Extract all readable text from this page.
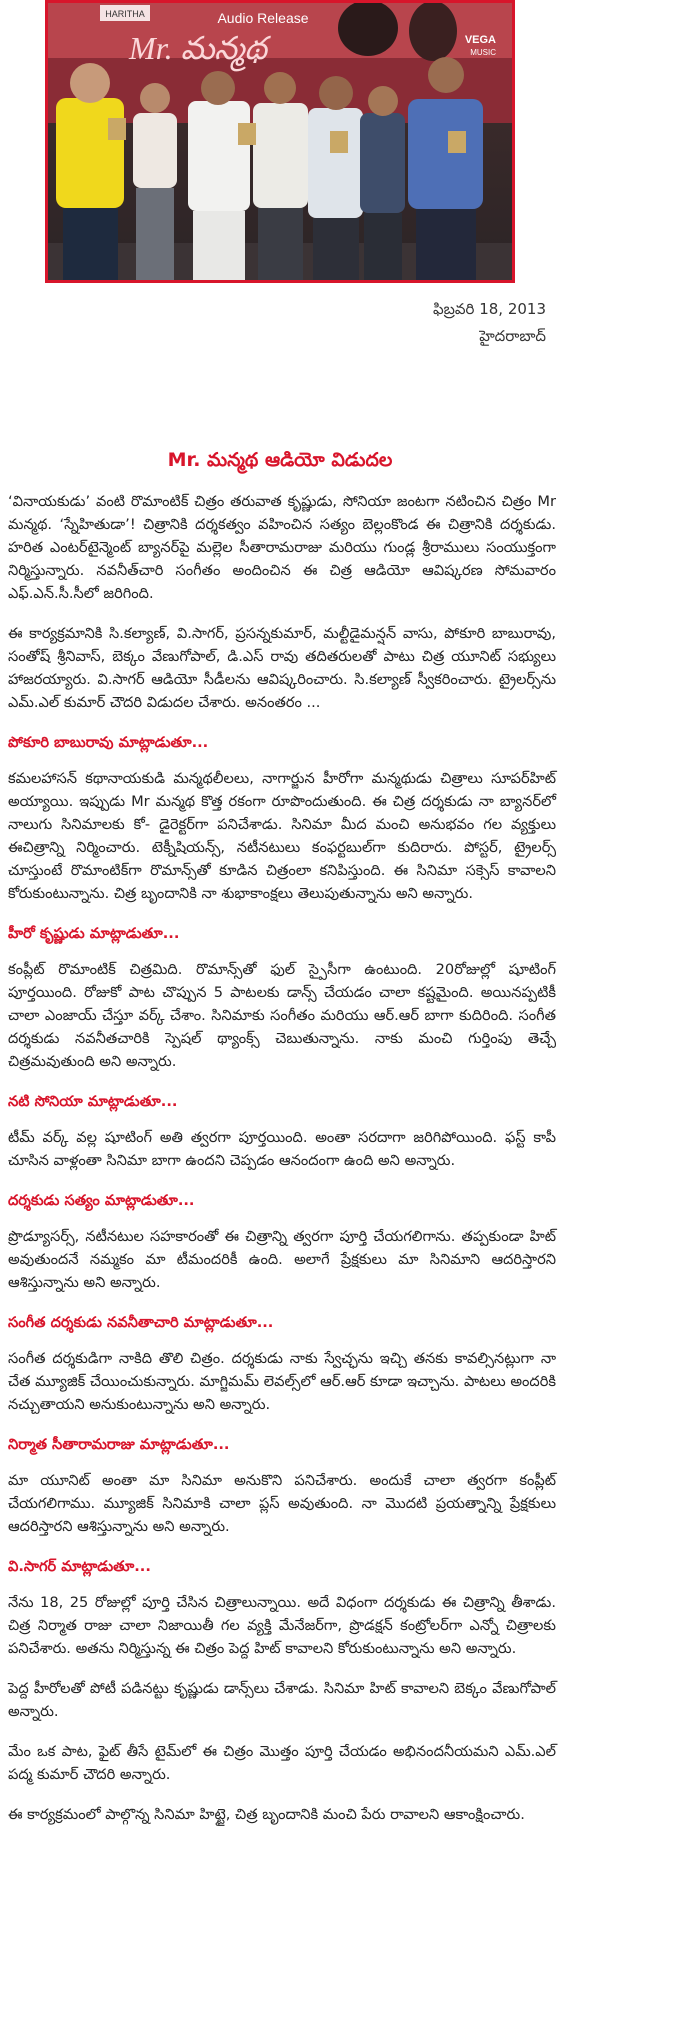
HARITHA	Audio Release
Mr. మన్మథ	VEGA
MUSIC
ఫిబ్రవరి 18, 2013
హైదరాబాద్
Mr. మన్మథ ఆడియో విడుదల

‘వినాయకుడు’ వంటి రొమాంటిక్ చిత్రం తరువాత కృష్ణుడు, సోనియా జంటగా నటించిన చిత్రం Mr మన్మథ. ‘స్నేహితుడా’! చిత్రానికి దర్శకత్వం వహించిన సత్యం బెల్లంకొండ ఈ చిత్రానికి దర్శకుడు. హరిత ఎంటర్‌టైన్మెంట్ బ్యానర్‌పై మల్లెల సీతారామరాజు మరియు గుండ్ల శ్రీరాములు సంయుక్తంగా నిర్మిస్తున్నారు. నవనీత్‌చారి సంగీతం అందించిన ఈ చిత్ర ఆడియో ఆవిష్కరణ సోమవారం ఎఫ్.ఎన్.సీ.సీలో జరిగింది.

ఈ కార్యక్రమానికి సి.కల్యాణ్, వి.సాగర్, ప్రసన్నకుమార్, మల్టీడైమన్షన్ వాసు, పోకూరి బాబురావు, సంతోష్ శ్రీనివాస్, బెక్కం వేణుగోపాల్, డి.ఎస్ రావు తదితరులతో పాటు చిత్ర యూనిట్ సభ్యులు హాజరయ్యారు. వి.సాగర్ ఆడియో సీడీలను ఆవిష్కరించారు. సి.కల్యాణ్ స్వీకరించారు. ట్రైలర్స్‌ను ఎమ్.ఎల్ కుమార్ చౌదరి విడుదల చేశారు. అనంతరం ...

పోకూరి బాబురావు మాట్లాడుతూ...

కమలహాసన్ కథానాయకుడి మన్మథలీలలు, నాగార్జున హీరోగా మన్మథుడు చిత్రాలు సూపర్‌హిట్ అయ్యాయి. ఇప్పుడు Mr మన్మథ కొత్త రకంగా రూపొందుతుంది. ఈ చిత్ర దర్శకుడు నా బ్యానర్‌లో నాలుగు సినిమాలకు కో- డైరెక్టర్‌గా పనిచేశాడు. సినిమా మీద మంచి అనుభవం గల వ్యక్తులు ఈచిత్రాన్ని నిర్మించారు. టెక్నీషియన్స్, నటీనటులు కంఫర్టబుల్‌గా కుదిరారు. పోస్టర్, ట్రైలర్స్ చూస్తుంటే రొమాంటిక్‌గా రొమాన్స్‌తో కూడిన చిత్రంలా కనిపిస్తుంది. ఈ సినిమా సక్సెస్ కావాలని కోరుకుంటున్నాను. చిత్ర బృందానికి నా శుభాకాంక్షలు తెలుపుతున్నాను అని అన్నారు.

హీరో కృష్ణుడు మాట్లాడుతూ...

కంప్లీట్ రొమాంటిక్ చిత్రమిది. రొమాన్స్‌తో ఫుల్ స్పైసీగా ఉంటుంది. 20రోజుల్లో షూటింగ్ పూర్తయింది. రోజుకో పాట చొప్పున 5 పాటలకు డాన్స్ చేయడం చాలా కష్టమైంది. అయినప్పటికీ చాలా ఎంజాయ్ చేస్తూ వర్క్ చేశాం. సినిమాకు సంగీతం మరియు ఆర్.ఆర్ బాగా కుదిరింది. సంగీత దర్శకుడు నవనీతచారికి స్పెషల్ థ్యాంక్స్ చెబుతున్నాను. నాకు మంచి గుర్తింపు తెచ్చే చిత్రమవుతుంది అని అన్నారు.

నటి సోనియా మాట్లాడుతూ...

టీమ్ వర్క్ వల్ల షూటింగ్ అతి త్వరగా పూర్తయింది. అంతా సరదాగా జరిగిపోయింది. ఫస్ట్ కాపీ చూసిన వాళ్లంతా సినిమా బాగా ఉందని చెప్పడం ఆనందంగా ఉంది అని అన్నారు.

దర్శకుడు సత్యం మాట్లాడుతూ...

ప్రొడ్యూసర్స్, నటీనటుల సహకారంతో ఈ చిత్రాన్ని త్వరగా పూర్తి చేయగలిగాను. తప్పకుండా హిట్ అవుతుందనే నమ్మకం మా టీమందరికీ ఉంది. అలాగే ప్రేక్షకులు మా సినిమాని ఆదరిస్తారని ఆశిస్తున్నాను అని అన్నారు.

సంగీత దర్శకుడు నవనీతాచారి మాట్లాడుతూ...

సంగీత దర్శకుడిగా నాకిది తొలి చిత్రం. దర్శకుడు నాకు స్వేచ్ఛను ఇచ్చి తనకు కావల్సినట్లుగా నా చేత మ్యూజిక్ చేయించుకున్నారు. మాగ్జిమమ్ లెవల్స్‌లో ఆర్.ఆర్ కూడా ఇచ్చాను. పాటలు అందరికి నచ్చుతాయని అనుకుంటున్నాను అని అన్నారు.

నిర్మాత సీతారామరాజు మాట్లాడుతూ...

మా యూనిట్ అంతా మా సినిమా అనుకొని పనిచేశారు. అందుకే చాలా త్వరగా కంప్లీట్ చేయగలిగాము. మ్యూజిక్ సినిమాకి చాలా ప్లస్ అవుతుంది. నా మొదటి ప్రయత్నాన్ని ప్రేక్షకులు ఆదరిస్తారని ఆశిస్తున్నాను అని అన్నారు.

వి.సాగర్ మాట్లాడుతూ...

నేను 18, 25 రోజుల్లో పూర్తి చేసిన చిత్రాలున్నాయి. అదే విధంగా దర్శకుడు ఈ చిత్రాన్ని తీశాడు. చిత్ర నిర్మాత రాజు చాలా నిజాయితీ గల వ్యక్తి మేనేజర్‌గా, ప్రొడక్షన్ కంట్రోలర్‌గా ఎన్నో చిత్రాలకు పనిచేశారు. అతను నిర్మిస్తున్న ఈ చిత్రం పెద్ద హిట్ కావాలని కోరుకుంటున్నాను అని అన్నారు.

పెద్ద హీరోలతో పోటీ పడినట్టు కృష్ణుడు డాన్స్‌లు చేశాడు. సినిమా హిట్ కావాలని బెక్కం వేణుగోపాల్ అన్నారు.

మేం ఒక పాట, ఫైట్ తీసే టైమ్‌లో ఈ చిత్రం మొత్తం పూర్తి చేయడం అభినందనీయమని ఎమ్.ఎల్ పద్మ కుమార్ చౌదరి అన్నారు.

ఈ కార్యక్రమంలో పాల్గొన్న సినిమా హిట్టై, చిత్ర బృందానికి మంచి పేరు రావాలని ఆకాంక్షించారు.
